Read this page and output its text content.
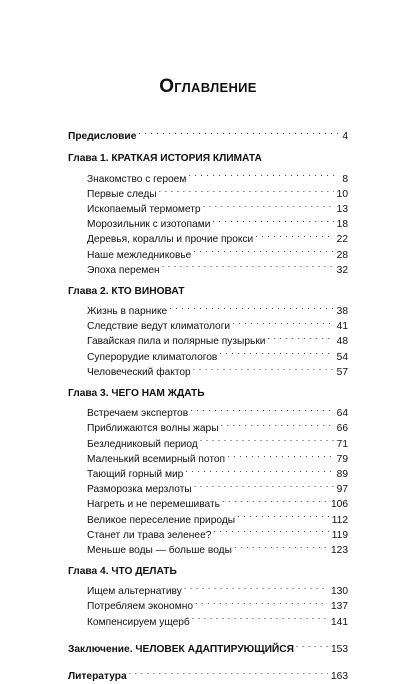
Оглавление
Предисловие . . .	4
Глава 1. КРАТКАЯ ИСТОРИЯ КЛИМАТА
Знакомство с героем . . .	8
Первые следы . . .	10
Ископаемый термометр . . .	13
Морозильник с изотопами . . .	18
Деревья, кораллы и прочие прокси . . .	22
Наше межледниковье . . .	28
Эпоха перемен . . .	32
Глава 2. КТО ВИНОВАТ
Жизнь в парнике . . .	38
Следствие ведут климатологи . . .	41
Гавайская пила и полярные пузырьки . . .	48
Суперорудие климатологов . . .	54
Человеческий фактор . . .	57
Глава 3. ЧЕГО НАМ ЖДАТЬ
Встречаем экспертов . . .	64
Приближаются волны жары . . .	66
Безледниковый период . . .	71
Маленький всемирный потоп . . .	79
Тающий горный мир . . .	89
Разморозка мерзлоты . . .	97
Нагреть и не перемешивать . . .	106
Великое переселение природы . . .	112
Станет ли трава зеленее? . . .	119
Меньше воды — больше воды . . .	123
Глава 4. ЧТО ДЕЛАТЬ
Ищем альтернативу . . .	130
Потребляем экономно . . .	137
Компенсируем ущерб . . .	141
Заключение. ЧЕЛОВЕК АДАПТИРУЮЩИЙСЯ . . .	153
Литература . . .	163
